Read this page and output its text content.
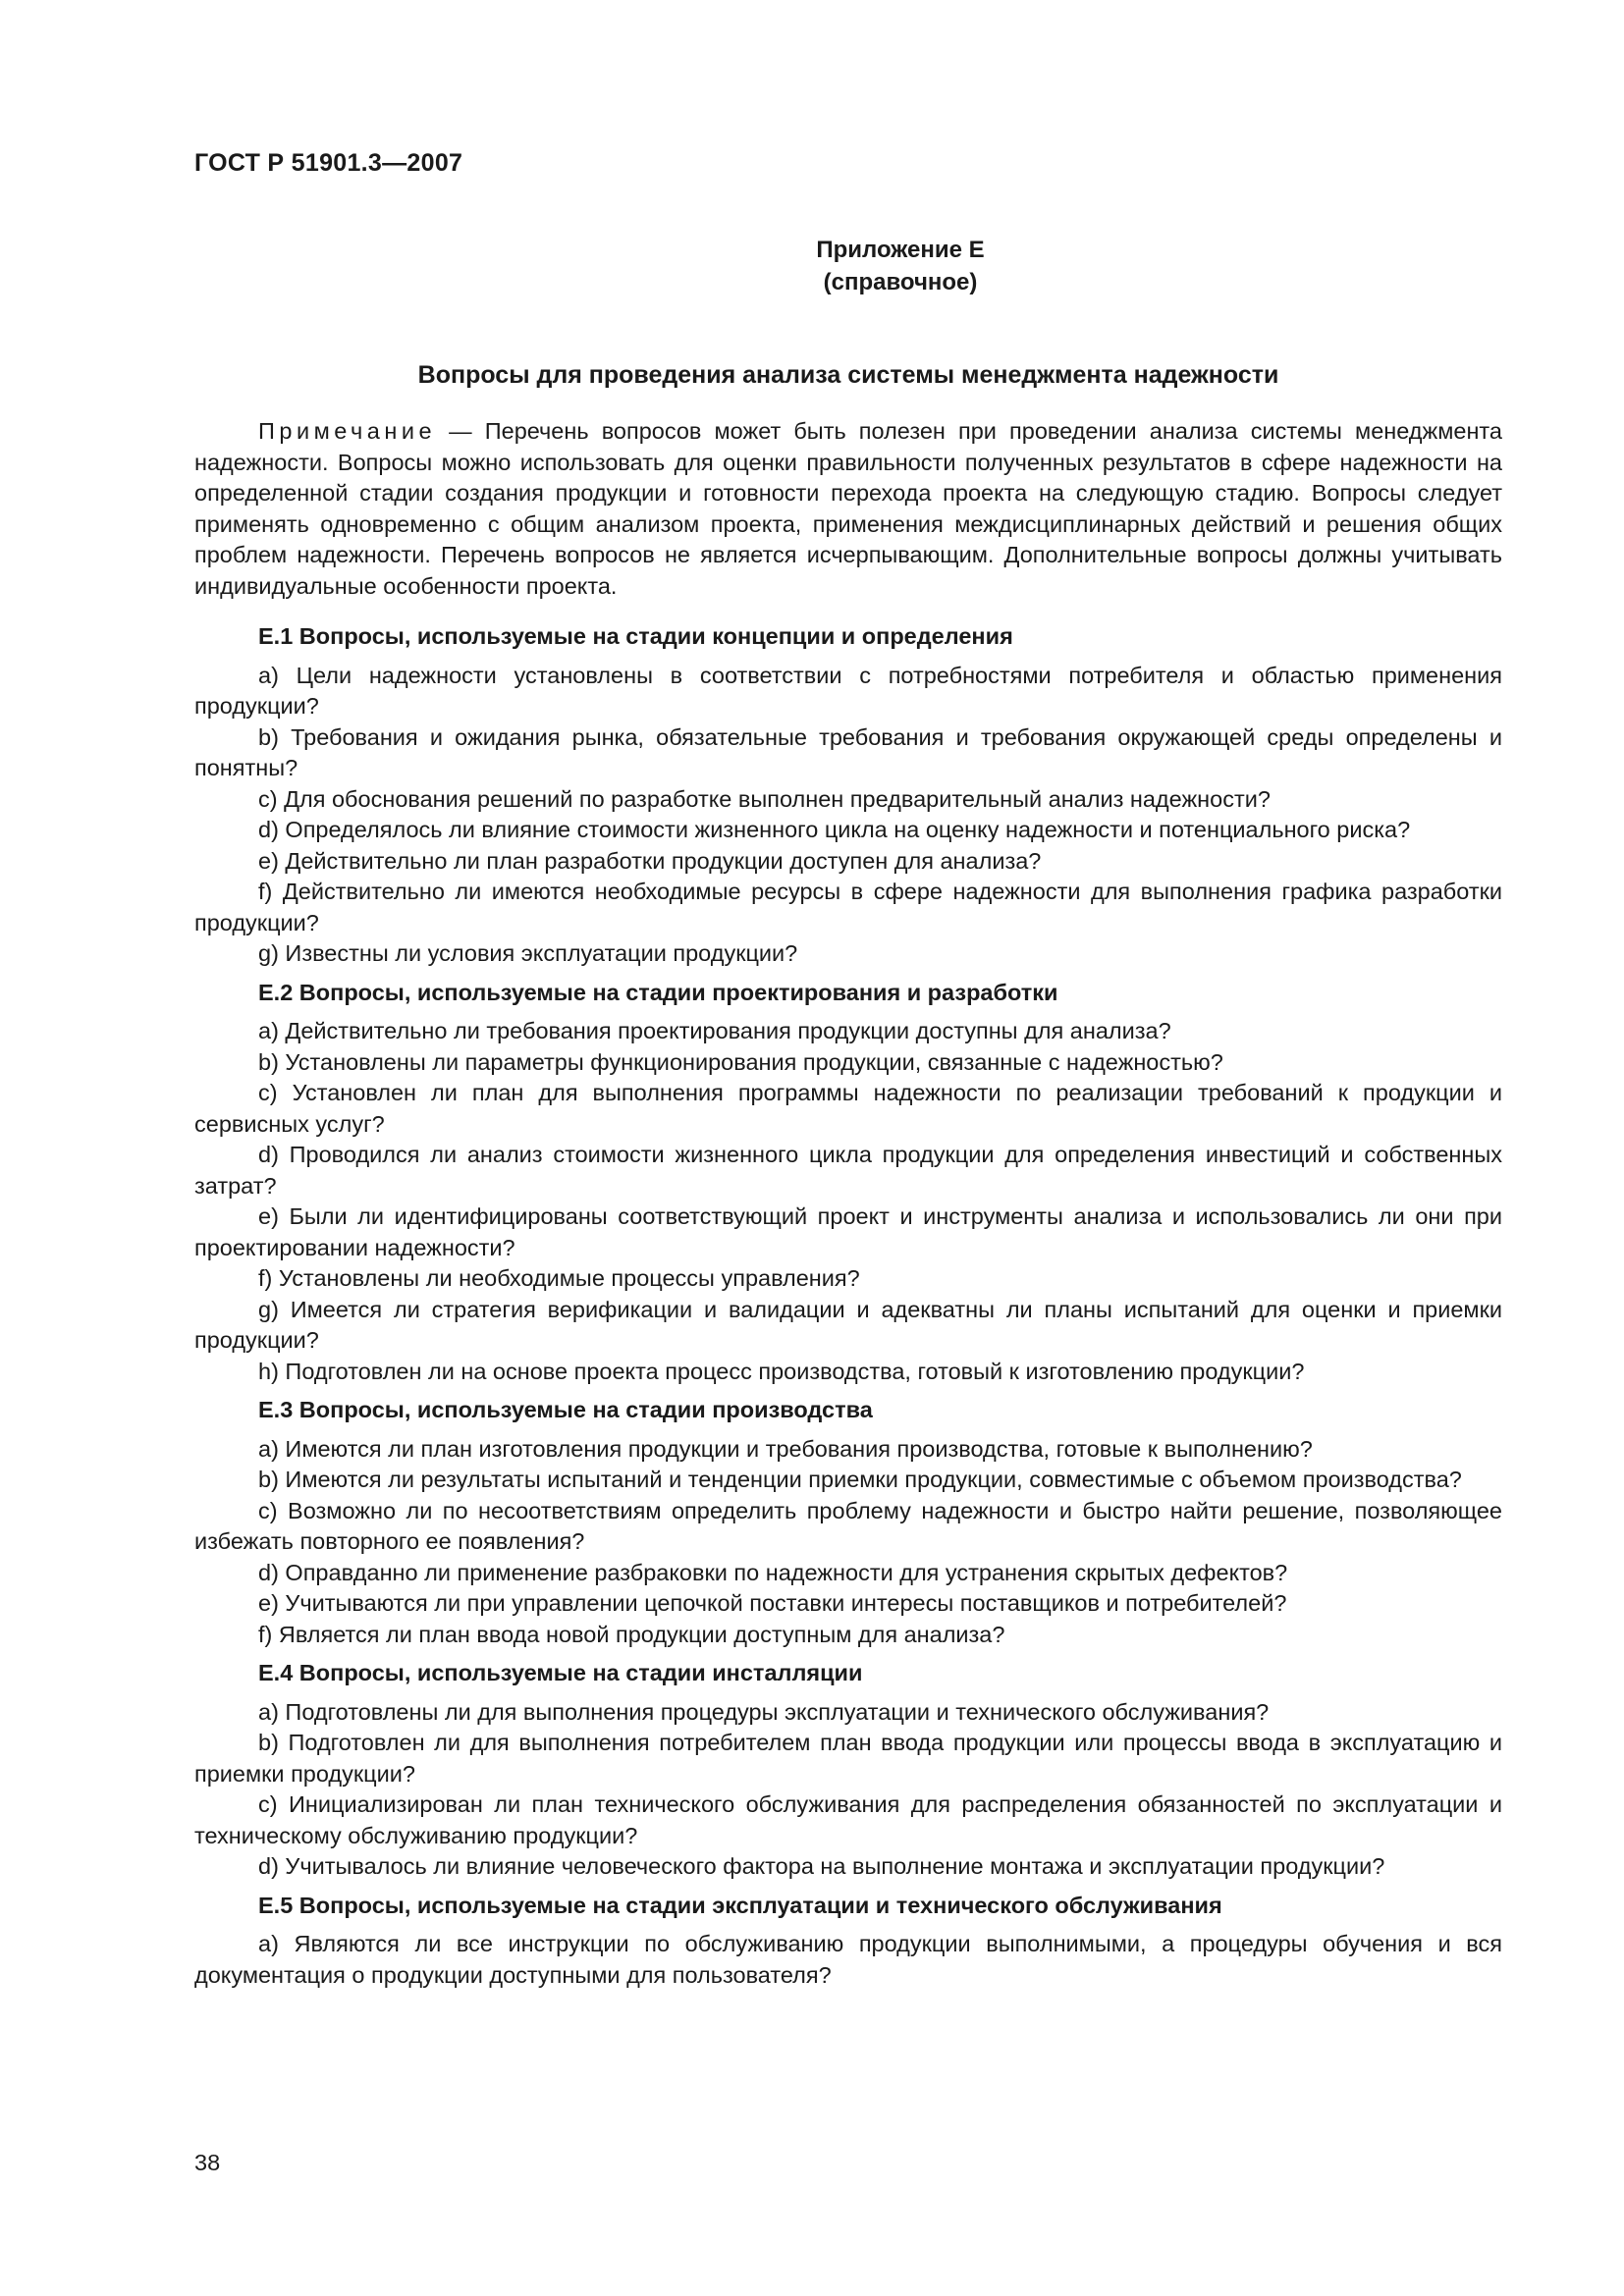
ГОСТ Р 51901.3—2007
Приложение Е
(справочное)
Вопросы для проведения анализа системы менеджмента надежности

Примечание — Перечень вопросов может быть полезен при проведении анализа системы менеджмента надежности. Вопросы можно использовать для оценки правильности полученных результатов в сфере надежности на определенной стадии создания продукции и готовности перехода проекта на следующую стадию. Вопросы следует применять одновременно с общим анализом проекта, применения междисциплинарных действий и решения общих проблем надежности. Перечень вопросов не является исчерпывающим. Дополнительные вопросы должны учитывать индивидуальные особенности проекта.

Е.1 Вопросы, используемые на стадии концепции и определения

a) Цели надежности установлены в соответствии с потребностями потребителя и областью применения продукции?

b) Требования и ожидания рынка, обязательные требования и требования окружающей среды определены и понятны?

c) Для обоснования решений по разработке выполнен предварительный анализ надежности?

d) Определялось ли влияние стоимости жизненного цикла на оценку надежности и потенциального риска?

e) Действительно ли план разработки продукции доступен для анализа?

f) Действительно ли имеются необходимые ресурсы в сфере надежности для выполнения графика разработки продукции?

g) Известны ли условия эксплуатации продукции?

Е.2 Вопросы, используемые на стадии проектирования и разработки

a) Действительно ли требования проектирования продукции доступны для анализа?

b) Установлены ли параметры функционирования продукции, связанные с надежностью?

c) Установлен ли план для выполнения программы надежности по реализации требований к продукции и сервисных услуг?

d) Проводился ли анализ стоимости жизненного цикла продукции для определения инвестиций и собственных затрат?

e) Были ли идентифицированы соответствующий проект и инструменты анализа и использовались ли они при проектировании надежности?

f) Установлены ли необходимые процессы управления?

g) Имеется ли стратегия верификации и валидации и адекватны ли планы испытаний для оценки и приемки продукции?

h) Подготовлен ли на основе проекта процесс производства, готовый к изготовлению продукции?

Е.3 Вопросы, используемые на стадии производства

a) Имеются ли план изготовления продукции и требования производства, готовые к выполнению?

b) Имеются ли результаты испытаний и тенденции приемки продукции, совместимые с объемом производства?

c) Возможно ли по несоответствиям определить проблему надежности и быстро найти решение, позволяющее избежать повторного ее появления?

d) Оправданно ли применение разбраковки по надежности для устранения скрытых дефектов?

e) Учитываются ли при управлении цепочкой поставки интересы поставщиков и потребителей?

f) Является ли план ввода новой продукции доступным для анализа?

Е.4 Вопросы, используемые на стадии инсталляции

a) Подготовлены ли для выполнения процедуры эксплуатации и технического обслуживания?

b) Подготовлен ли для выполнения потребителем план ввода продукции или процессы ввода в эксплуатацию и приемки продукции?

c) Инициализирован ли план технического обслуживания для распределения обязанностей по эксплуатации и техническому обслуживанию продукции?

d) Учитывалось ли влияние человеческого фактора на выполнение монтажа и эксплуатации продукции?

Е.5 Вопросы, используемые на стадии эксплуатации и технического обслуживания

a) Являются ли все инструкции по обслуживанию продукции выполнимыми, а процедуры обучения и вся документация о продукции доступными для пользователя?

38
